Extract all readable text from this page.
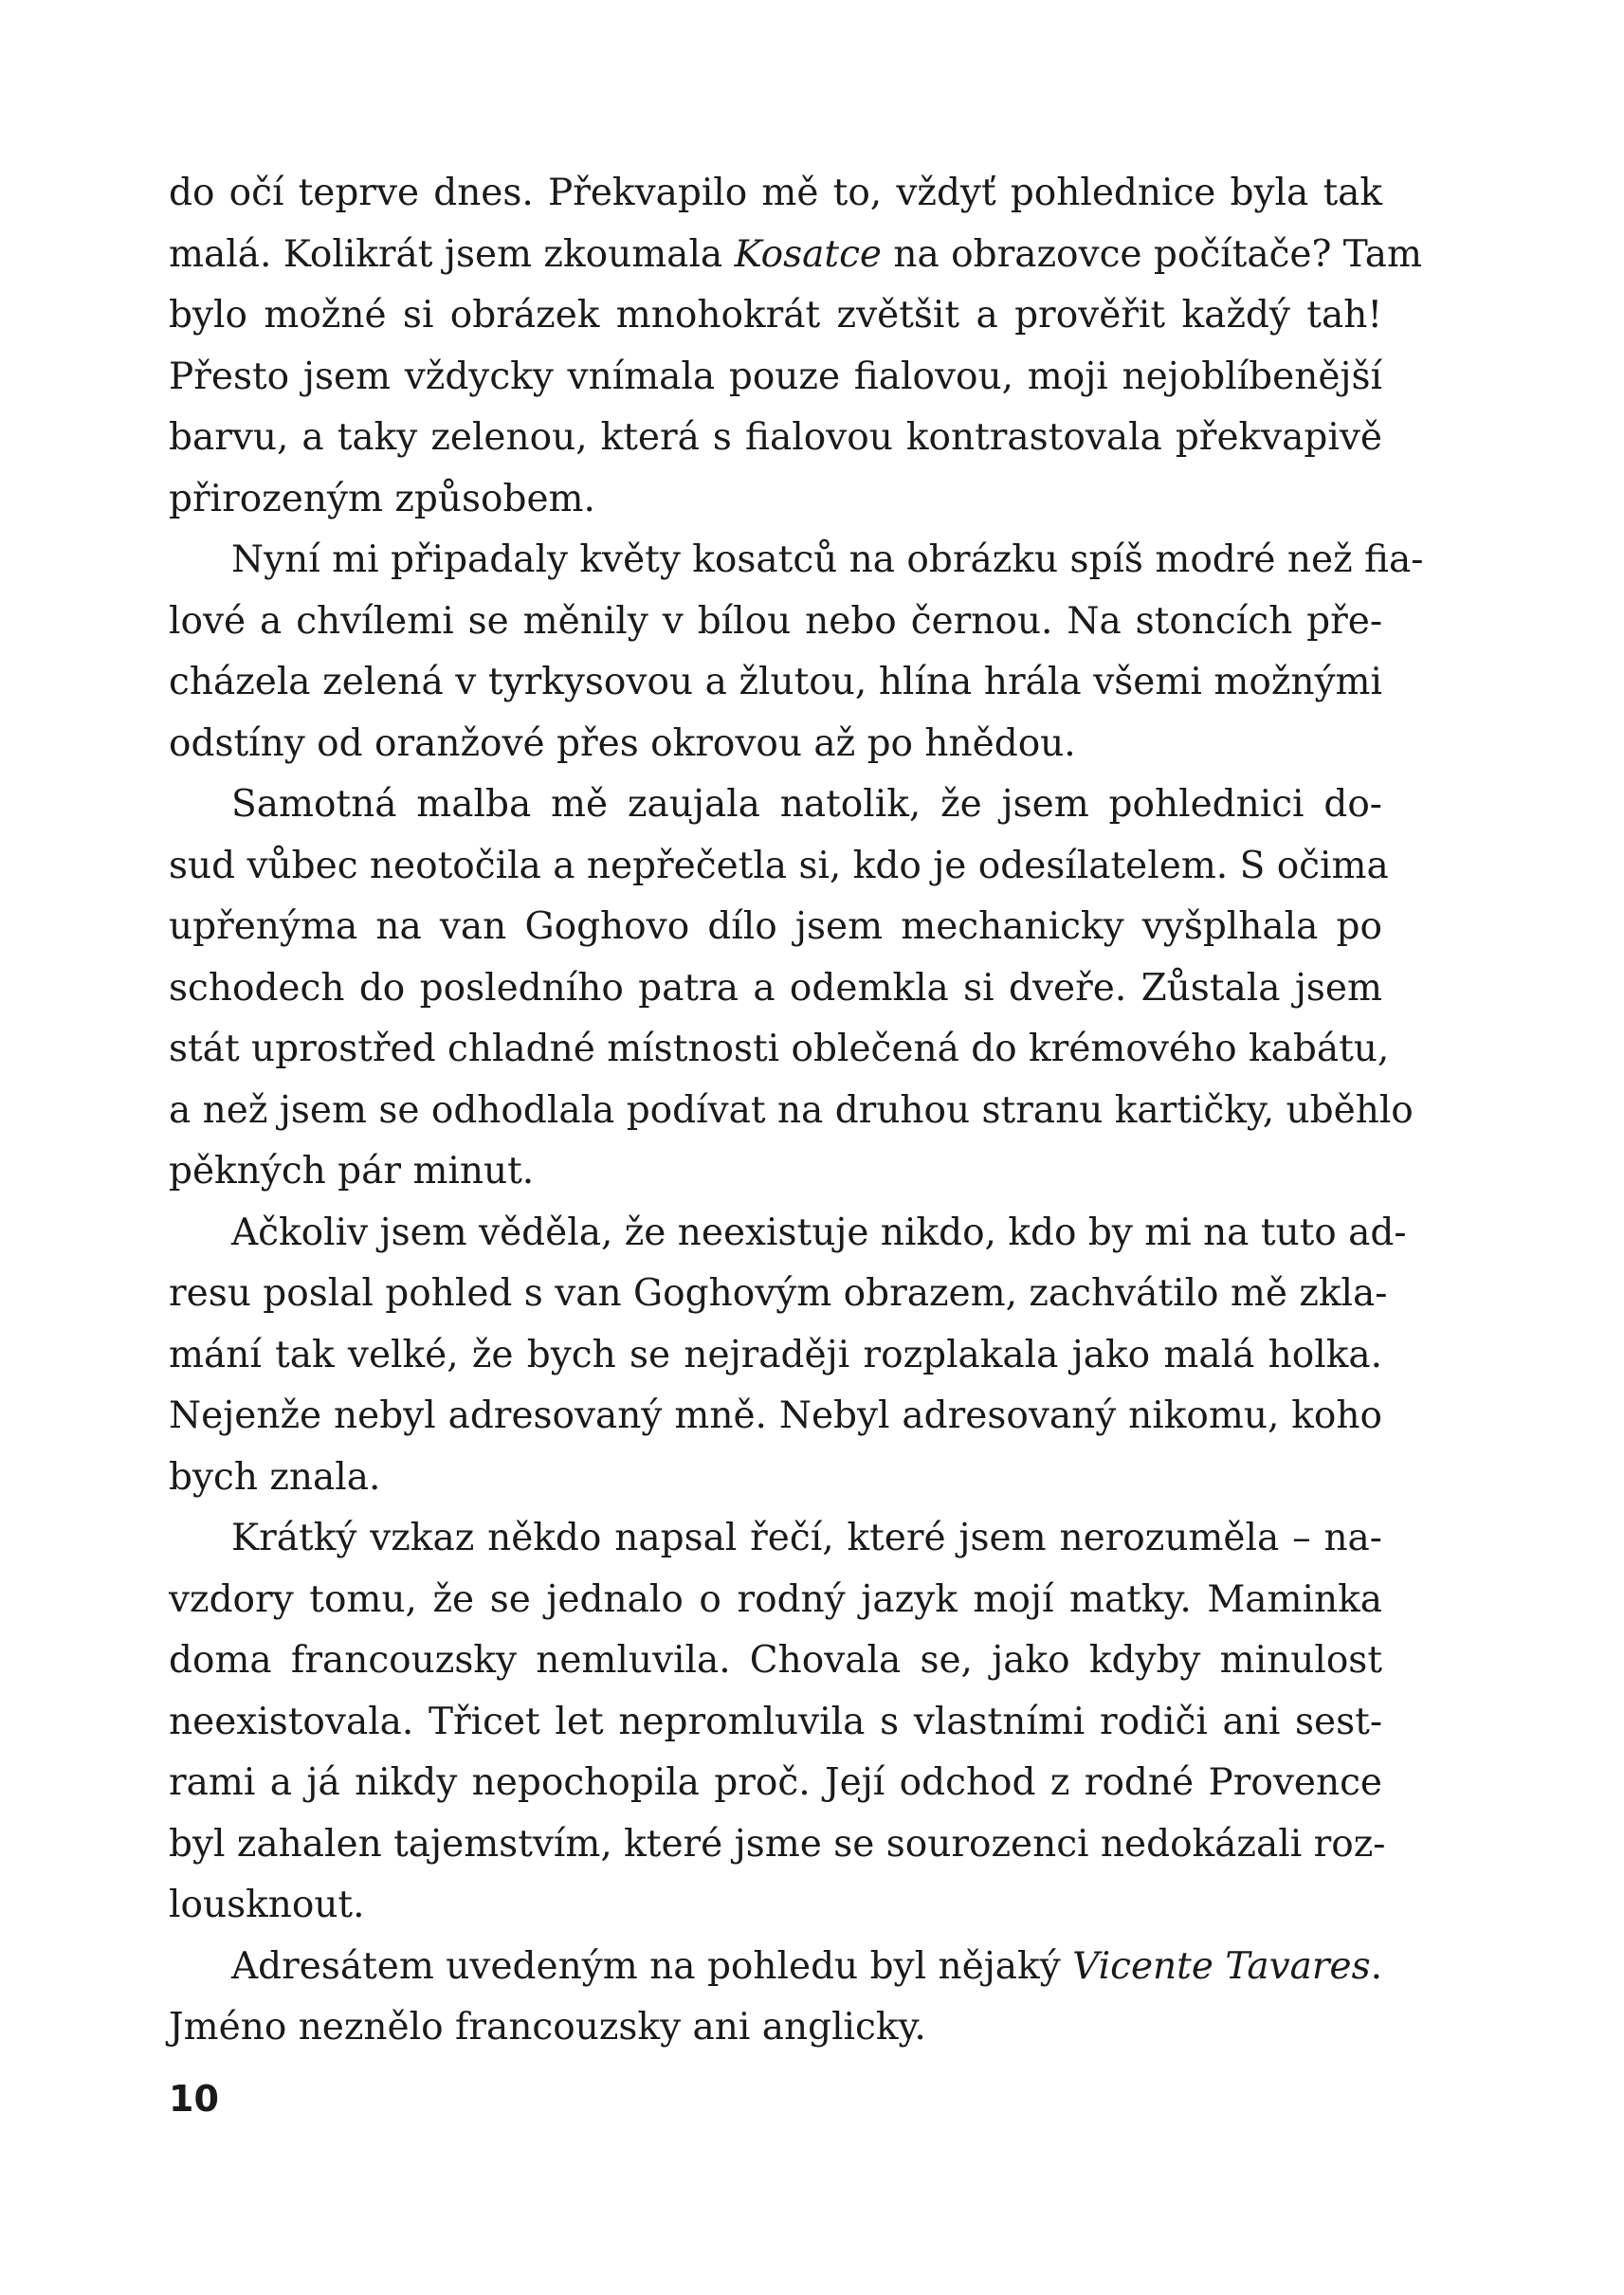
do očí teprve dnes. Překvapilo mě to, vždyť pohlednice byla tak
malá. Kolikrát jsem zkoumala Kosatce na obrazovce počítače? Tam
bylo možné si obrázek mnohokrát zvětšit a prověřit každý tah!
Přesto jsem vždycky vnímala pouze fialovou, moji nejoblíbenější
barvu, a taky zelenou, která s fialovou kontrastovala překvapivě
přirozeným způsobem.
Nyní mi připadaly květy kosatců na obrázku spíš modré než fia-
lové a chvílemi se měnily v bílou nebo černou. Na stoncích pře-
cházela zelená v tyrkysovou a žlutou, hlína hrála všemi možnými
odstíny od oranžové přes okrovou až po hnědou.
Samotná malba mě zaujala natolik, že jsem pohlednici do-
sud vůbec neotočila a nepřečetla si, kdo je odesílatelem. S očima
upřenýma na van Goghovo dílo jsem mechanicky vyšplhala po
schodech do posledního patra a odemkla si dveře. Zůstala jsem
stát uprostřed chladné místnosti oblečená do krémového kabátu,
a než jsem se odhodlala podívat na druhou stranu kartičky, uběhlo
pěkných pár minut.
Ačkoliv jsem věděla, že neexistuje nikdo, kdo by mi na tuto ad-
resu poslal pohled s van Goghovým obrazem, zachvátilo mě zkla-
mání tak velké, že bych se nejraději rozplakala jako malá holka.
Nejenže nebyl adresovaný mně. Nebyl adresovaný nikomu, koho
bych znala.
Krátký vzkaz někdo napsal řečí, které jsem nerozuměla – na-
vzdory tomu, že se jednalo o rodný jazyk mojí matky. Maminka
doma francouzsky nemluvila. Chovala se, jako kdyby minulost
neexistovala. Třicet let nepromluvila s vlastními rodiči ani sest-
rami a já nikdy nepochopila proč. Její odchod z rodné Provence
byl zahalen tajemstvím, které jsme se sourozenci nedokázali roz-
lousknout.
Adresátem uvedeným na pohledu byl nějaký Vicente Tavares.
Jméno neznělo francouzsky ani anglicky.
10
